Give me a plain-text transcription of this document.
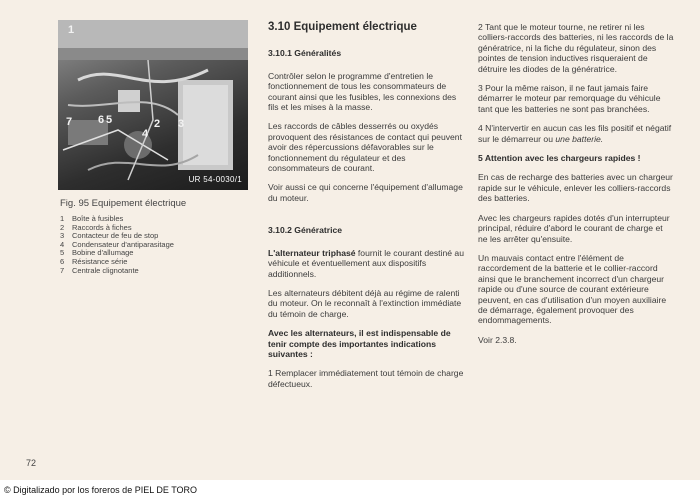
1
7 6 5
4
2 3
UR 54-0030/1
Fig. 95 Equipement électrique
1 Boîte à fusibles
2 Raccords à fiches
3 Contacteur de feu de stop
4 Condensateur d'antiparasitage
5 Bobine d'allumage
6 Résistance série
7 Centrale clignotante
72
3.10 Equipement électrique
3.10.1 Généralités

Contrôler selon le programme d'entretien le fonctionnement de tous les consommateurs de courant ainsi que les fusibles, les connexions des fils et les mises à la masse.

Les raccords de câbles desserrés ou oxydés provoquent des résistances de contact qui peuvent avoir des répercussions défavorables sur le fonctionnement du régulateur et des consommateurs de courant.

Voir aussi ce qui concerne l'équipement d'allumage du moteur.

3.10.2 Génératrice

L'alternateur triphasé fournit le courant destiné au véhicule et éventuellement aux dispositifs additionnels.

Les alternateurs débitent déjà au régime de ralenti du moteur. On le reconnaît à l'extinction immédiate du témoin de charge.

Avec les alternateurs, il est indispensable de tenir compte des importantes indications suivantes :

1 Remplacer immédiatement tout témoin de charge défectueux.

2 Tant que le moteur tourne, ne retirer ni les colliers-raccords des batteries, ni les raccords de la génératrice, ni la fiche du régulateur, sinon des pointes de tension inductives risqueraient de détruire les diodes de la génératrice.

3 Pour la même raison, il ne faut jamais faire démarrer le moteur par remorquage du véhicule tant que les batteries ne sont pas branchées.

4 N'intervertir en aucun cas les fils positif et négatif sur le démarreur ou une batterie.

5 Attention avec les chargeurs rapides !

En cas de recharge des batteries avec un chargeur rapide sur le véhicule, enlever les colliers-raccords des batteries.

Avec les chargeurs rapides dotés d'un interrupteur principal, réduire d'abord le courant de charge et ne les arrêter qu'ensuite.

Un mauvais contact entre l'élément de raccordement de la batterie et le collier-raccord ainsi que le branchement incorrect d'un chargeur rapide ou d'une source de courant extérieure peuvent, en cas d'utilisation d'un moyen auxiliaire de démarrage, également provoquer des endommagements.

Voir 2.3.8.

© Digitalizado por los foreros de PIEL DE TORO
